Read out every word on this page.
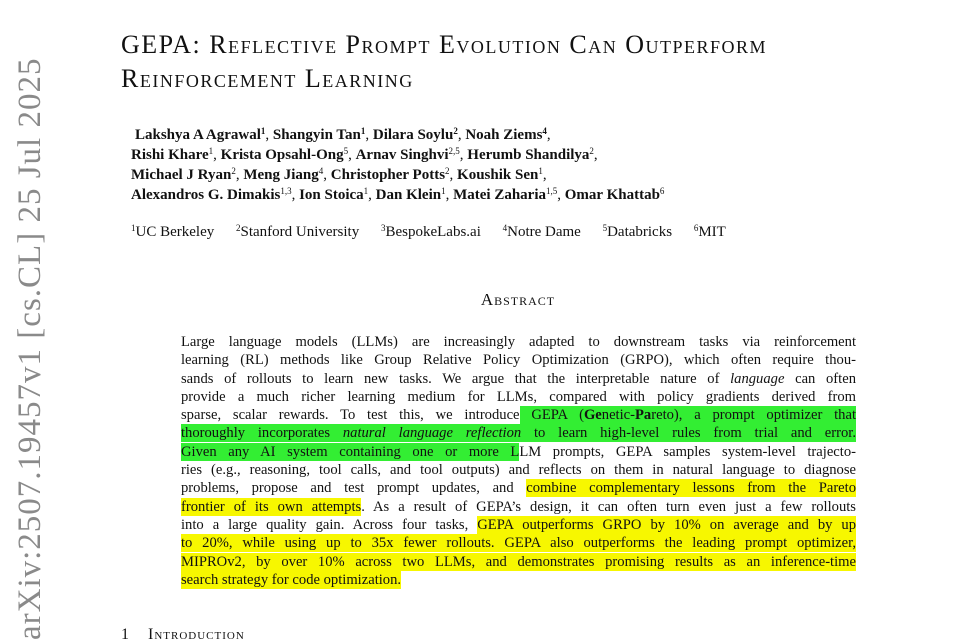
arXiv:2507.19457v1 [cs.CL] 25 Jul 2025
GEPA: Reflective Prompt Evolution Can Outperform
Reinforcement Learning
Lakshya A Agrawal$^1$, Shangyin Tan$^1$, Dilara Soylu$^2$, Noah Ziems$^4$,
Rishi Khare$^1$, Krista Opsahl-Ong$^5$, Arnav Singhvi$^{2,5}$, Herumb Shandilya$^2$,
Michael J Ryan$^2$, Meng Jiang$^4$, Christopher Potts$^2$, Koushik Sen$^1$,
Alexandros G. Dimakis$^{1,3}$, Ion Stoica$^1$, Dan Klein$^1$, Matei Zaharia$^{1,5}$, Omar Khattab$^6$
$^1$UC Berkeley $^2$Stanford University $^3$BespokeLabs.ai $^4$Notre Dame $^5$Databricks $^6$MIT
Abstract
Large language models (LLMs) are increasingly adapted to downstream tasks via reinforcement
learning (RL) methods like Group Relative Policy Optimization (GRPO), which often require thou-
sands of rollouts to learn new tasks. We argue that the interpretable nature of language can often
provide a much richer learning medium for LLMs, compared with policy gradients derived from
sparse, scalar rewards. To test this, we introduce GEPA (Genetic-Pareto), a prompt optimizer that
thoroughly incorporates natural language reflection to learn high-level rules from trial and error.
Given any AI system containing one or more LLM prompts, GEPA samples system-level trajecto-
ries (e.g., reasoning, tool calls, and tool outputs) and reflects on them in natural language to diagnose
problems, propose and test prompt updates, and combine complementary lessons from the Pareto
frontier of its own attempts. As a result of GEPA’s design, it can often turn even just a few rollouts
into a large quality gain. Across four tasks, GEPA outperforms GRPO by 10% on average and by up
to 20%, while using up to 35x fewer rollouts. GEPA also outperforms the leading prompt optimizer,
MIPROv2, by over 10% across two LLMs, and demonstrates promising results as an inference-time
search strategy for code optimization.
1 Introduction
